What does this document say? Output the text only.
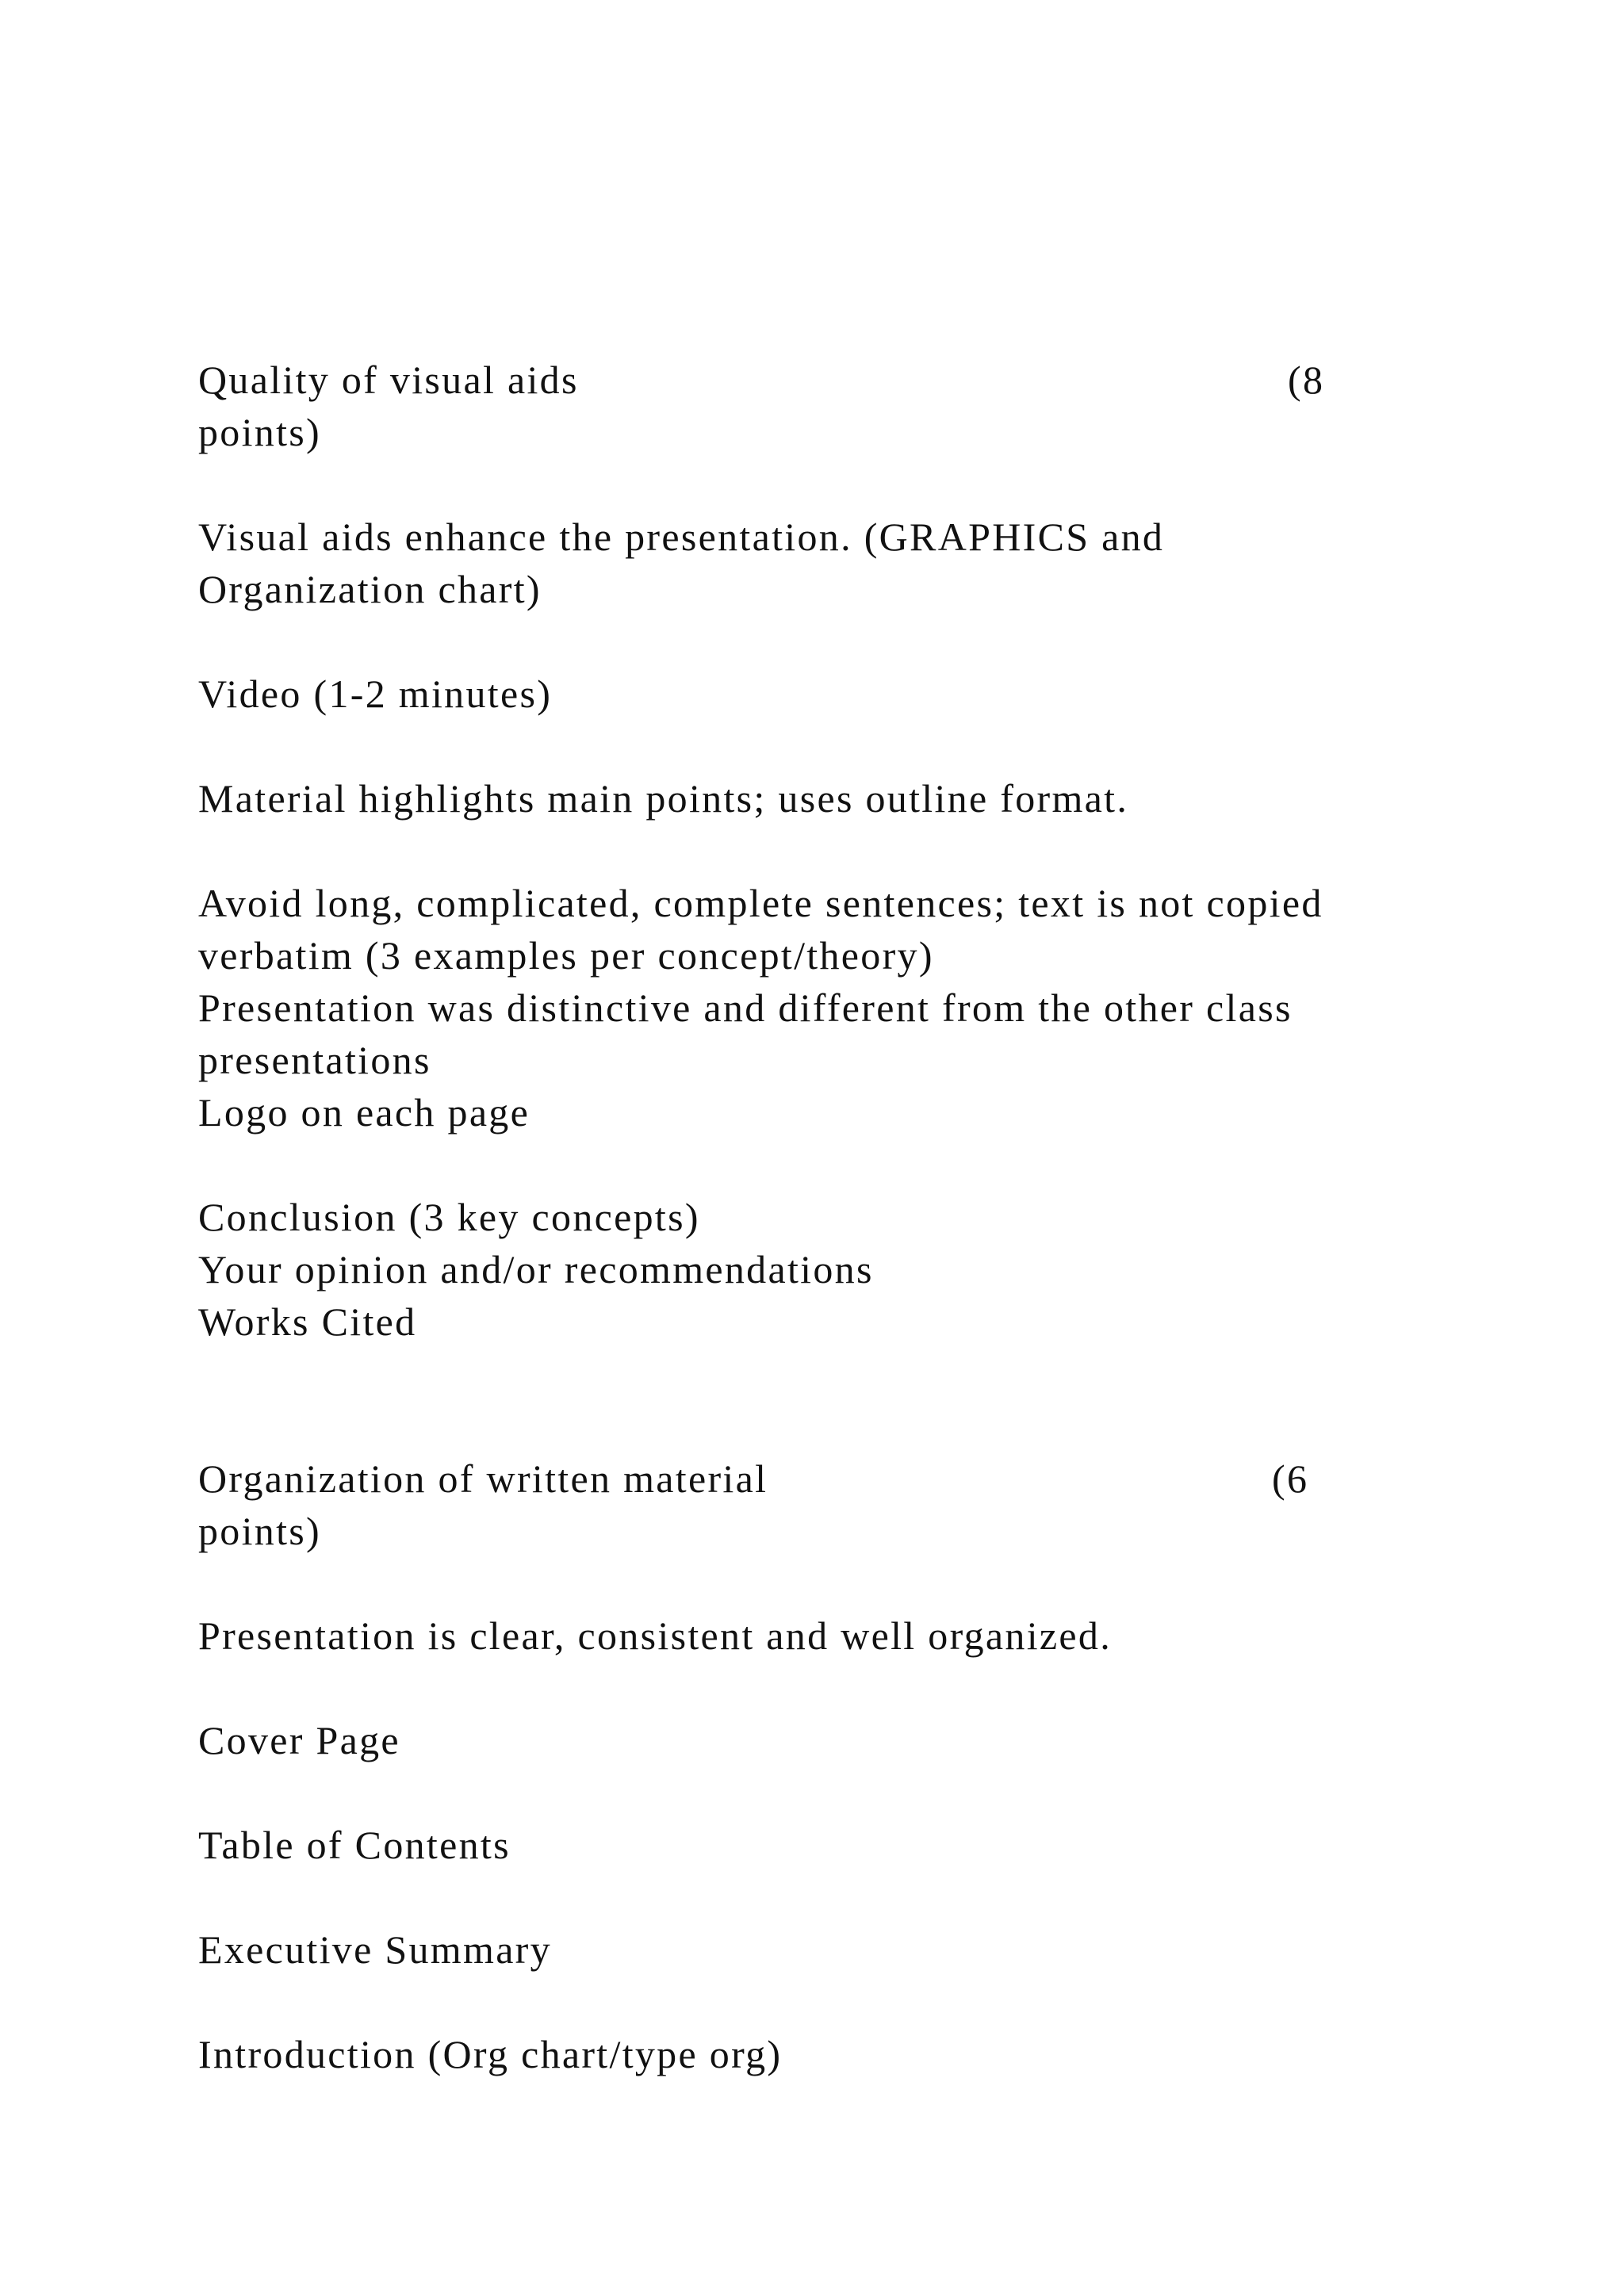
Quality of visual aids	(8

points)

Visual aids enhance the presentation. (GRAPHICS and

Organization chart)

Video (1-2 minutes)

Material highlights main points; uses outline format.

Avoid long, complicated, complete sentences; text is not copied

verbatim (3 examples per concept/theory)

Presentation was distinctive and different from the other class

presentations

Logo on each page

Conclusion (3 key concepts)

Your opinion and/or recommendations

Works Cited

Organization of written material	(6

points)

Presentation is clear, consistent and well organized.

Cover Page

Table of Contents

Executive Summary

Introduction (Org chart/type org)
